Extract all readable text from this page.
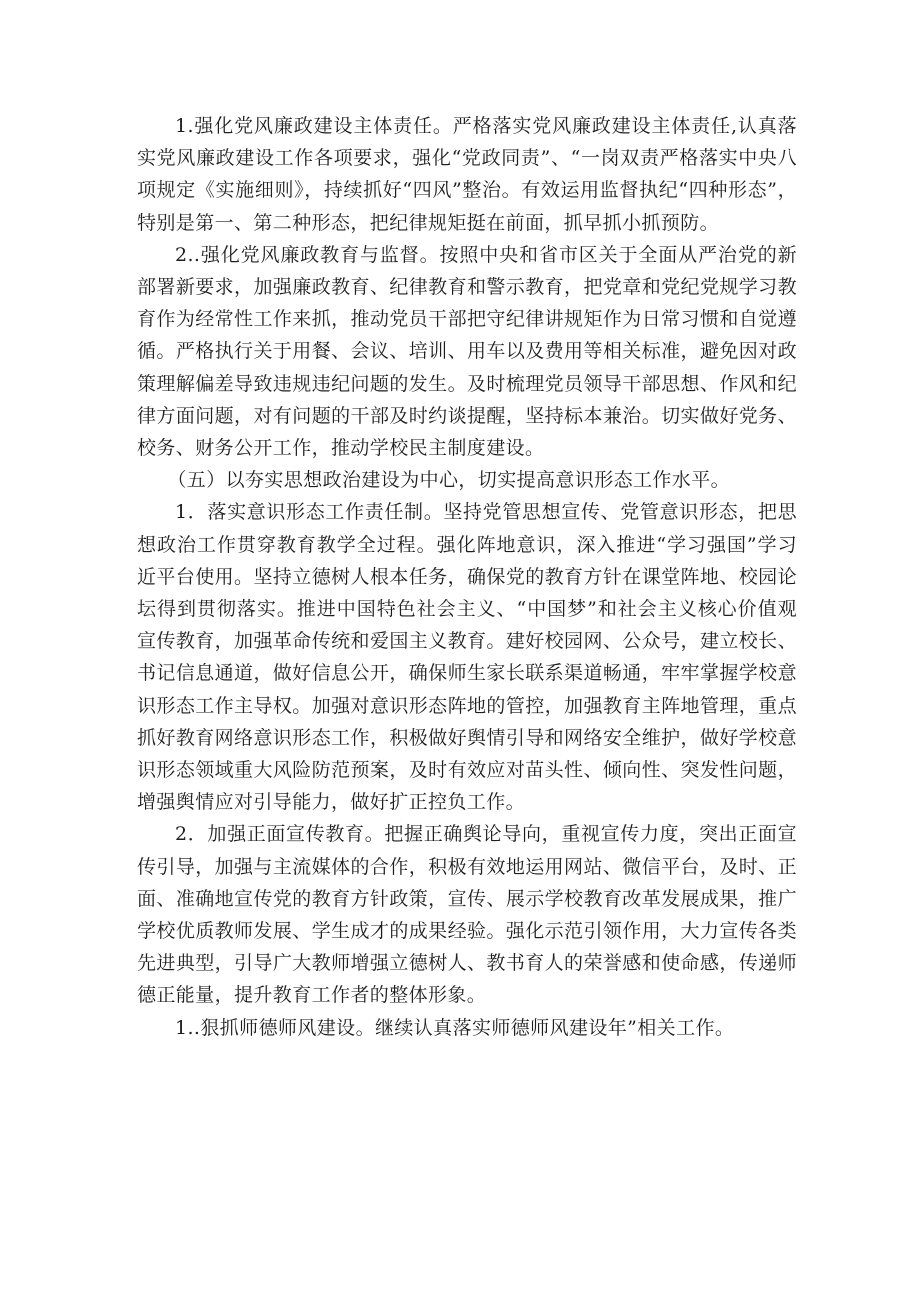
1.强化党风廉政建设主体责任。严格落实党风廉政建设主体责任,认真落实党风廉政建设工作各项要求，强化“党政同责”、“一岗双责严格落实中央八项规定《实施细则》，持续抓好“四风”整治。有效运用监督执纪“四种形态”，特别是第一、第二种形态，把纪律规矩挺在前面，抓早抓小抓预防。

2..强化党风廉政教育与监督。按照中央和省市区关于全面从严治党的新部署新要求，加强廉政教育、纪律教育和警示教育，把党章和党纪党规学习教育作为经常性工作来抓，推动党员干部把守纪律讲规矩作为日常习惯和自觉遵循。严格执行关于用餐、会议、培训、用车以及费用等相关标准，避免因对政策理解偏差导致违规违纪问题的发生。及时梳理党员领导干部思想、作风和纪律方面问题，对有问题的干部及时约谈提醒，坚持标本兼治。切实做好党务、校务、财务公开工作，推动学校民主制度建设。

（五）以夯实思想政治建设为中心，切实提高意识形态工作水平。

1．落实意识形态工作责任制。坚持党管思想宣传、党管意识形态，把思想政治工作贯穿教育教学全过程。强化阵地意识，深入推进“学习强国”学习近平台使用。坚持立德树人根本任务，确保党的教育方针在课堂阵地、校园论坛得到贯彻落实。推进中国特色社会主义、“中国梦”和社会主义核心价值观宣传教育，加强革命传统和爱国主义教育。建好校园网、公众号，建立校长、书记信息通道，做好信息公开，确保师生家长联系渠道畅通，牢牢掌握学校意识形态工作主导权。加强对意识形态阵地的管控，加强教育主阵地管理，重点抓好教育网络意识形态工作，积极做好舆情引导和网络安全维护，做好学校意识形态领域重大风险防范预案，及时有效应对苗头性、倾向性、突发性问题，增强舆情应对引导能力，做好扩正控负工作。

2．加强正面宣传教育。把握正确舆论导向，重视宣传力度，突出正面宣传引导，加强与主流媒体的合作，积极有效地运用网站、微信平台，及时、正面、准确地宣传党的教育方针政策，宣传、展示学校教育改革发展成果，推广学校优质教师发展、学生成才的成果经验。强化示范引领作用，大力宣传各类先进典型，引导广大教师增强立德树人、教书育人的荣誉感和使命感，传递师德正能量，提升教育工作者的整体形象。

1..狠抓师德师风建设。继续认真落实师德师风建设年”相关工作。
